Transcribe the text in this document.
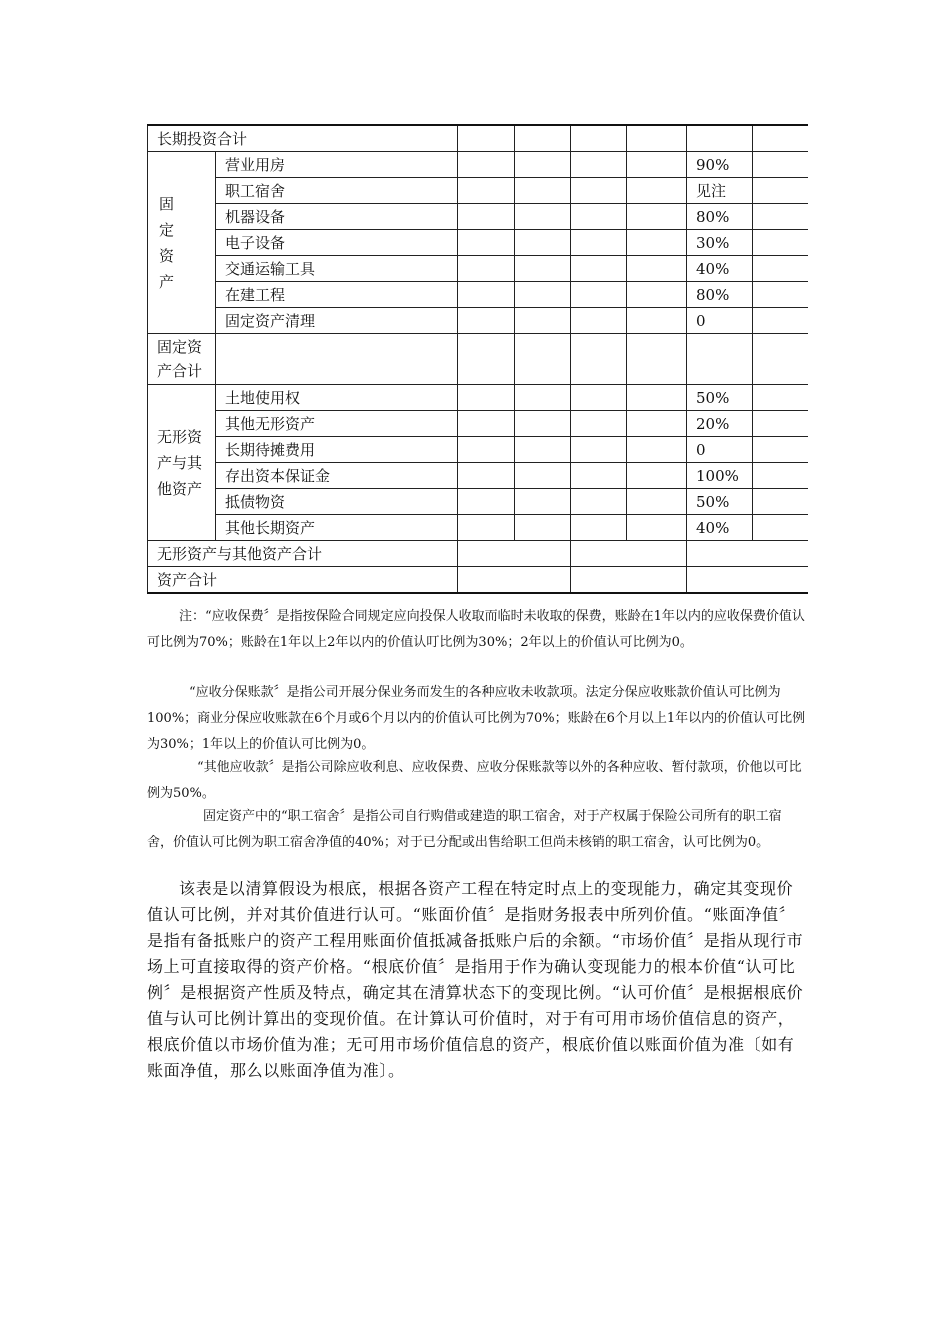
长期投资合计							

固
定
资
产	营业用房					90%	
	职工宿舍					见注	
	机器设备					80%	
	电子设备					30%	
	交通运输工具					40%	
	在建工程					80%	
	固定资产清理					0	
固定资
产合计							
无形资
产与其
他资产	土地使用权					50%	
	其他无形资产					20%	
	长期待摊费用					0	
	存出资本保证金					100%	
	抵债物资					50%	
	其他长期资产					40%	
无形资产与其他资产合计							
资产合计							

注：“应收保费〞是指按保险合同规定应向投保人收取而临时未收取的保费，账龄在1年以内的应收保费价值认可比例为70%；账龄在1年以上2年以内的价值认叮比例为30%；2年以上的价值认可比例为0。

“应收分保账款〞是指公司开展分保业务而发生的各种应收未收款项。法定分保应收账款价值认可比例为100%；商业分保应收账款在6个月或6个月以内的价值认可比例为70%；账龄在6个月以上1年以内的价值认可比例为30%；1年以上的价值认可比例为0。

“其他应收款〞是指公司除应收利息、应收保费、应收分保账款等以外的各种应收、暂付款项，价他以可比例为50%。

固定资产中的“职工宿舍〞是指公司自行购借或建造的职工宿舍，对于产权属于保险公司所有的职工宿舍，价值认可比例为职工宿舍净值的40%；对于已分配或出售给职工但尚未核销的职工宿舍，认可比例为0。

该表是以清算假设为根底，根据各资产工程在特定时点上的变现能力，确定其变现价值认可比例，并对其价值进行认可。“账面价值〞是指财务报表中所列价值。“账面净值〞是指有备抵账户的资产工程用账面价值抵减备抵账户后的余额。“市场价值〞是指从现行市场上可直接取得的资产价格。“根底价值〞是指用于作为确认变现能力的根本价值“认可比例〞是根据资产性质及特点，确定其在清算状态下的变现比例。“认可价值〞是根据根底价值与认可比例计算出的变现价值。在计算认可价值时，对于有可用市场价值信息的资产，根底价值以市场价值为准；无可用市场价值信息的资产，根底价值以账面价值为准〔如有账面净值，那么以账面净值为准〕。
